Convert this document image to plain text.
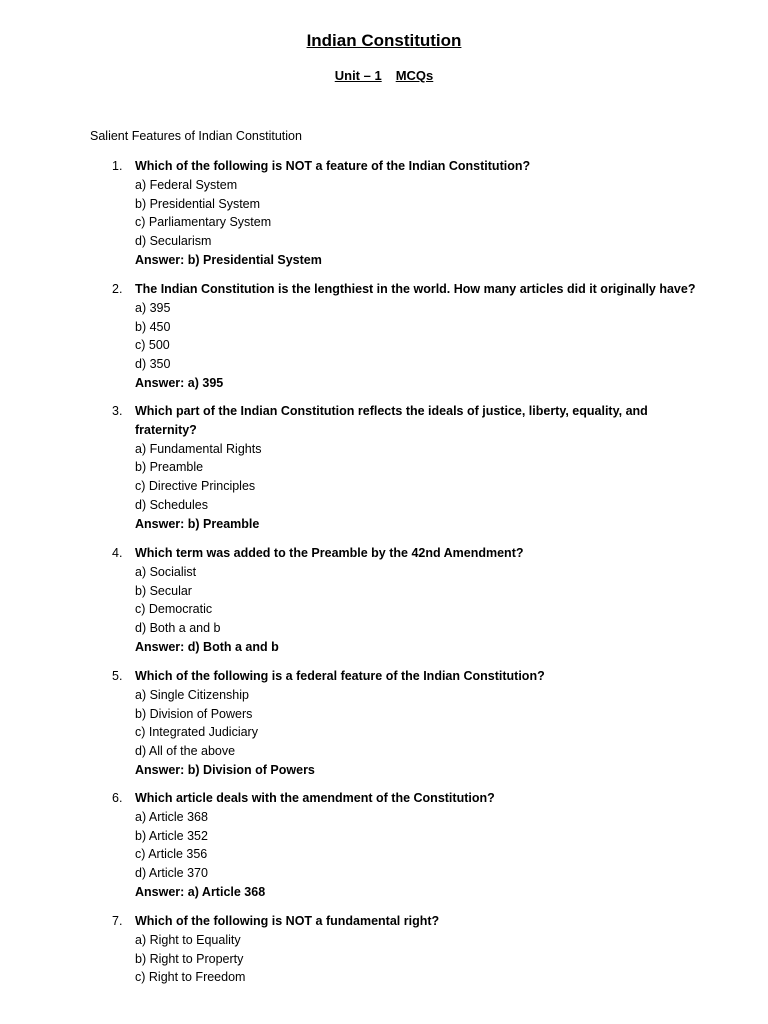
Indian Constitution
Unit – 1 MCQs
Salient Features of Indian Constitution
1. Which of the following is NOT a feature of the Indian Constitution?
a) Federal System
b) Presidential System
c) Parliamentary System
d) Secularism
Answer: b) Presidential System
2. The Indian Constitution is the lengthiest in the world. How many articles did it originally have?
a) 395
b) 450
c) 500
d) 350
Answer: a) 395
3. Which part of the Indian Constitution reflects the ideals of justice, liberty, equality, and fraternity?
a) Fundamental Rights
b) Preamble
c) Directive Principles
d) Schedules
Answer: b) Preamble
4. Which term was added to the Preamble by the 42nd Amendment?
a) Socialist
b) Secular
c) Democratic
d) Both a and b
Answer: d) Both a and b
5. Which of the following is a federal feature of the Indian Constitution?
a) Single Citizenship
b) Division of Powers
c) Integrated Judiciary
d) All of the above
Answer: b) Division of Powers
6. Which article deals with the amendment of the Constitution?
a) Article 368
b) Article 352
c) Article 356
d) Article 370
Answer: a) Article 368
7. Which of the following is NOT a fundamental right?
a) Right to Equality
b) Right to Property
c) Right to Freedom
